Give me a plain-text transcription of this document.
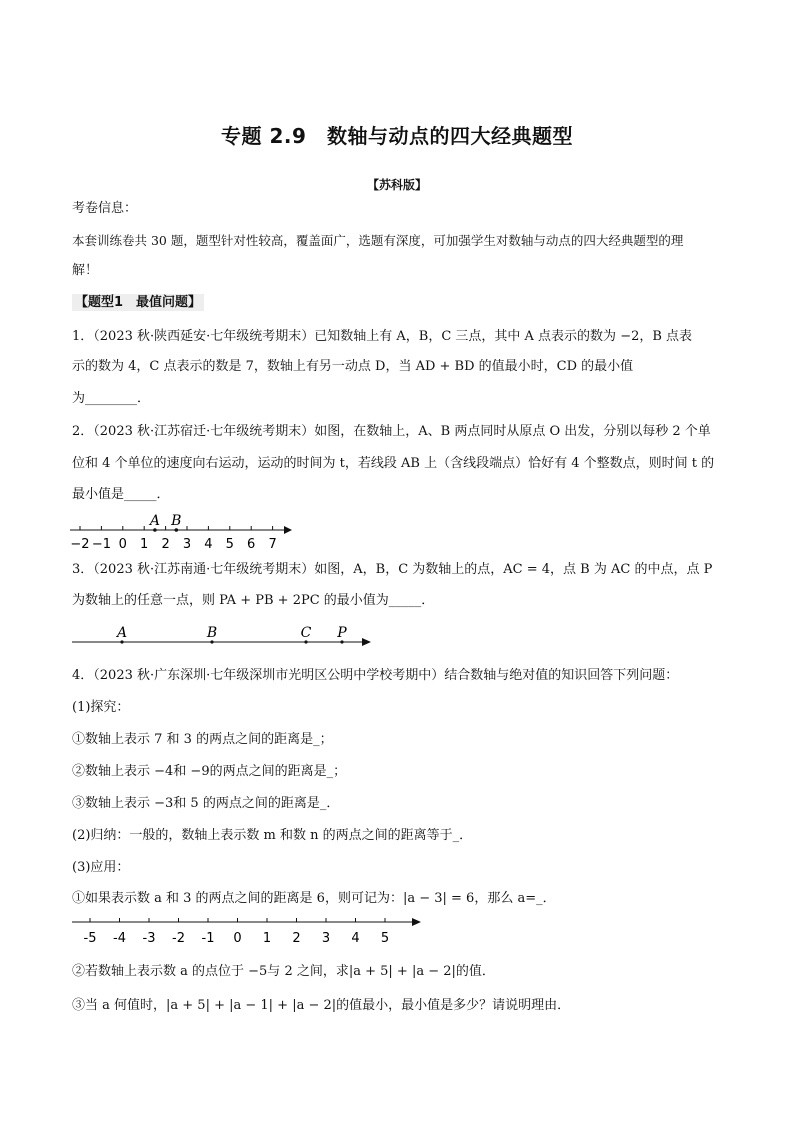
专题 2.9　数轴与动点的四大经典题型
【苏科版】
考卷信息：
本套训练卷共 30 题，题型针对性较高，覆盖面广，选题有深度，可加强学生对数轴与动点的四大经典题型的理
解！
【题型1　最值问题】
1．（2023 秋·陕西延安·七年级统考期末）已知数轴上有 A，B，C 三点，其中 A 点表示的数为 −2，B 点表
示的数为 4，C 点表示的数是 7，数轴上有另一动点 D，当 AD + BD 的值最小时，CD 的最小值
为________．
2．（2023 秋·江苏宿迁·七年级统考期末）如图，在数轴上，A、B 两点同时从原点 O 出发，分别以每秒 2 个单
位和 4 个单位的速度向右运动，运动的时间为 t，若线段 AB 上（含线段端点）恰好有 4 个整数点，则时间 t 的
最小值是_____．
−2 −1 0 1 2 3 4 5 6 7
A B
3．（2023 秋·江苏南通·七年级统考期末）如图，A，B，C 为数轴上的点，AC = 4，点 B 为 AC 的中点，点 P
为数轴上的任意一点，则 PA + PB + 2PC 的最小值为_____．
A	B	C P
4．（2023 秋·广东深圳·七年级深圳市光明区公明中学校考期中）结合数轴与绝对值的知识回答下列问题：
(1)探究：
①数轴上表示 7 和 3 的两点之间的距离是_；
②数轴上表示 −4和 −9的两点之间的距离是_；
③数轴上表示 −3和 5 的两点之间的距离是_．
(2)归纳：一般的，数轴上表示数 m 和数 n 的两点之间的距离等于_．
(3)应用：
①如果表示数 a 和 3 的两点之间的距离是 6，则可记为：|a − 3| = 6，那么 a=_．
-5 -4 -3 -2 -1 0 1 2 3 4 5
②若数轴上表示数 a 的点位于 −5与 2 之间，求|a + 5| + |a − 2|的值．
③当 a 何值时，|a + 5| + |a − 1| + |a − 2|的值最小，最小值是多少？请说明理由．
